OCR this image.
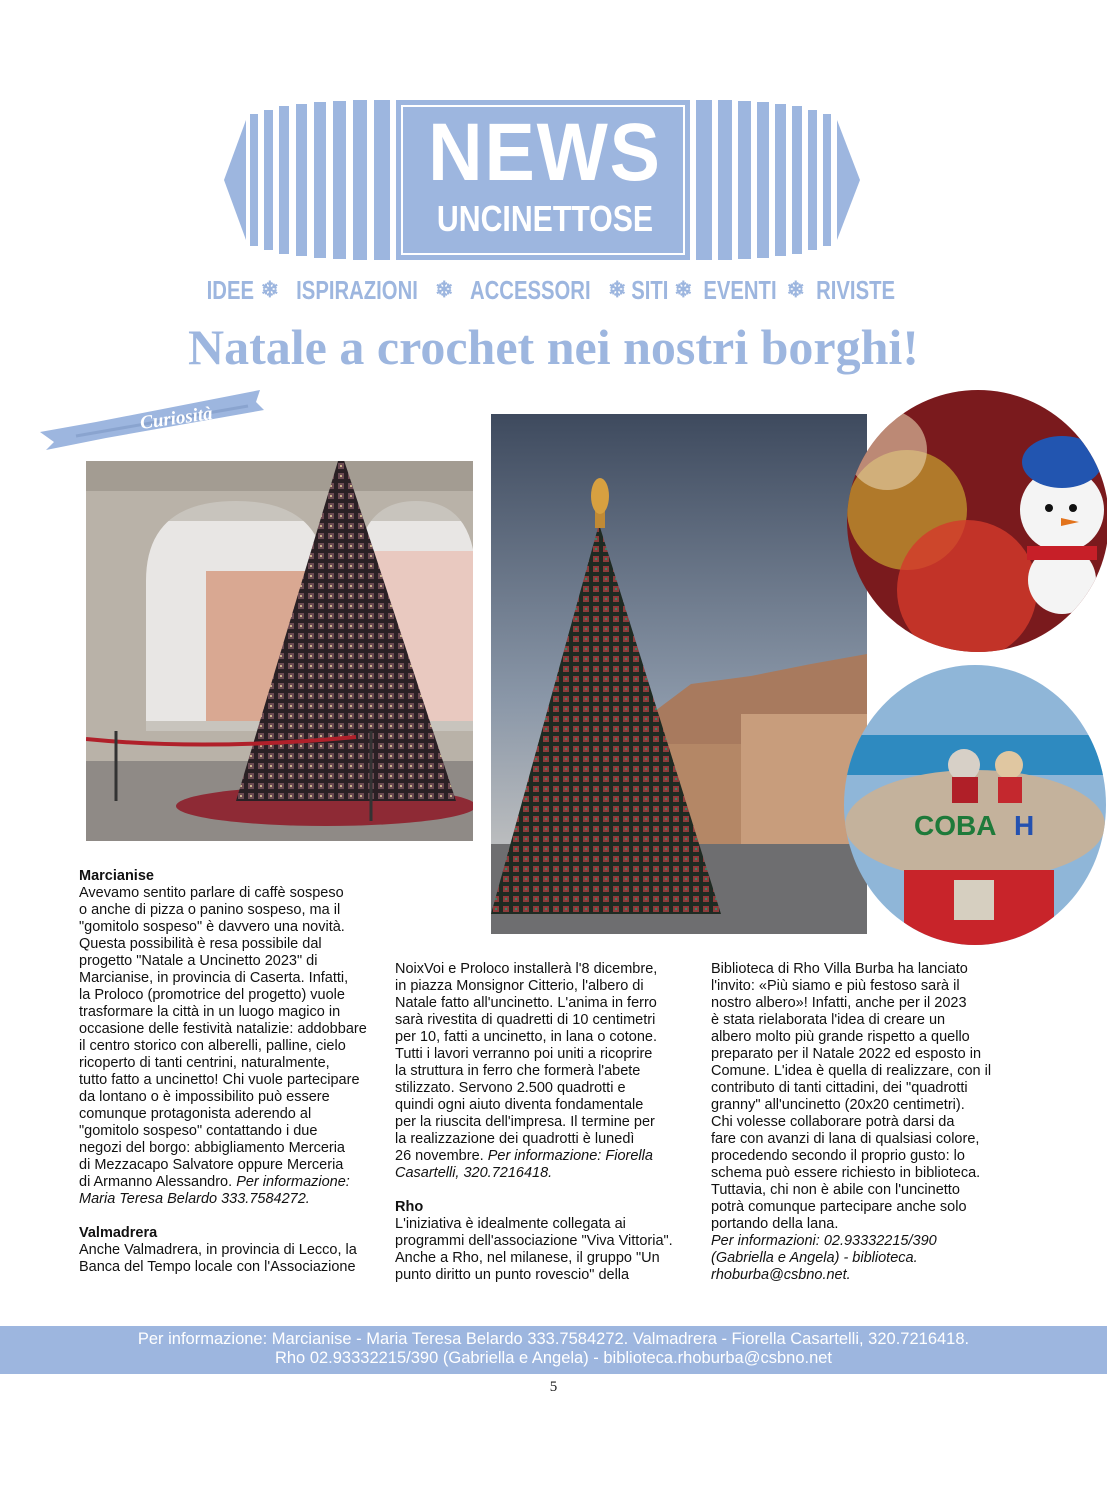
NEWS
UNCINETTOSE
IDEE ❄ ISPIRAZIONI ❄ ACCESSORI ❄ SITI ❄ EVENTI ❄ RIVISTE
Natale a crochet nei nostri borghi!
Curiosità
COBA H

Marcianise

Avevamo sentito parlare di caffè sospeso

o anche di pizza o panino sospeso, ma il

"gomitolo sospeso" è davvero una novità.

Questa possibilità è resa possibile dal

progetto "Natale a Uncinetto 2023" di

Marcianise, in provincia di Caserta. Infatti,

la Proloco (promotrice del progetto) vuole

trasformare la città in un luogo magico in

occasione delle festività natalizie: addobbare

il centro storico con alberelli, palline, cielo

ricoperto di tanti centrini, naturalmente,

tutto fatto a uncinetto! Chi vuole partecipare

da lontano o è impossibilito può essere

comunque protagonista aderendo al

"gomitolo sospeso" contattando i due

negozi del borgo: abbigliamento Merceria

di Mezzacapo Salvatore oppure Merceria

di Armanno Alessandro. Per informazione:

Maria Teresa Belardo 333.7584272.

Valmadrera

Anche Valmadrera, in provincia di Lecco, la

Banca del Tempo locale con l'Associazione

NoixVoi e Proloco installerà l'8 dicembre,

in piazza Monsignor Citterio, l'albero di

Natale fatto all'uncinetto. L'anima in ferro

sarà rivestita di quadretti di 10 centimetri

per 10, fatti a uncinetto, in lana o cotone.

Tutti i lavori verranno poi uniti a ricoprire

la struttura in ferro che formerà l'abete

stilizzato. Servono 2.500 quadrotti e

quindi ogni aiuto diventa fondamentale

per la riuscita dell'impresa. Il termine per

la realizzazione dei quadrotti è lunedì

26 novembre. Per informazione: Fiorella

Casartelli, 320.7216418.

Rho

L'iniziativa è idealmente collegata ai

programmi dell'associazione "Viva Vittoria".

Anche a Rho, nel milanese, il gruppo "Un

punto diritto un punto rovescio" della

Biblioteca di Rho Villa Burba ha lanciato

l'invito: «Più siamo e più festoso sarà il

nostro albero»! Infatti, anche per il 2023

è stata rielaborata l'idea di creare un

albero molto più grande rispetto a quello

preparato per il Natale 2022 ed esposto in

Comune. L'idea è quella di realizzare, con il

contributo di tanti cittadini, dei "quadrotti

granny" all'uncinetto (20x20 centimetri).

Chi volesse collaborare potrà darsi da

fare con avanzi di lana di qualsiasi colore,

procedendo secondo il proprio gusto: lo

schema può essere richiesto in biblioteca.

Tuttavia, chi non è abile con l'uncinetto

potrà comunque partecipare anche solo

portando della lana.

Per informazioni: 02.93332215/390

(Gabriella e Angela) - biblioteca.

rhoburba@csbno.net.

Per informazione: Marcianise - Maria Teresa Belardo 333.7584272. Valmadrera - Fiorella Casartelli, 320.7216418.
Rho 02.93332215/390 (Gabriella e Angela) - biblioteca.rhoburba@csbno.net
5
